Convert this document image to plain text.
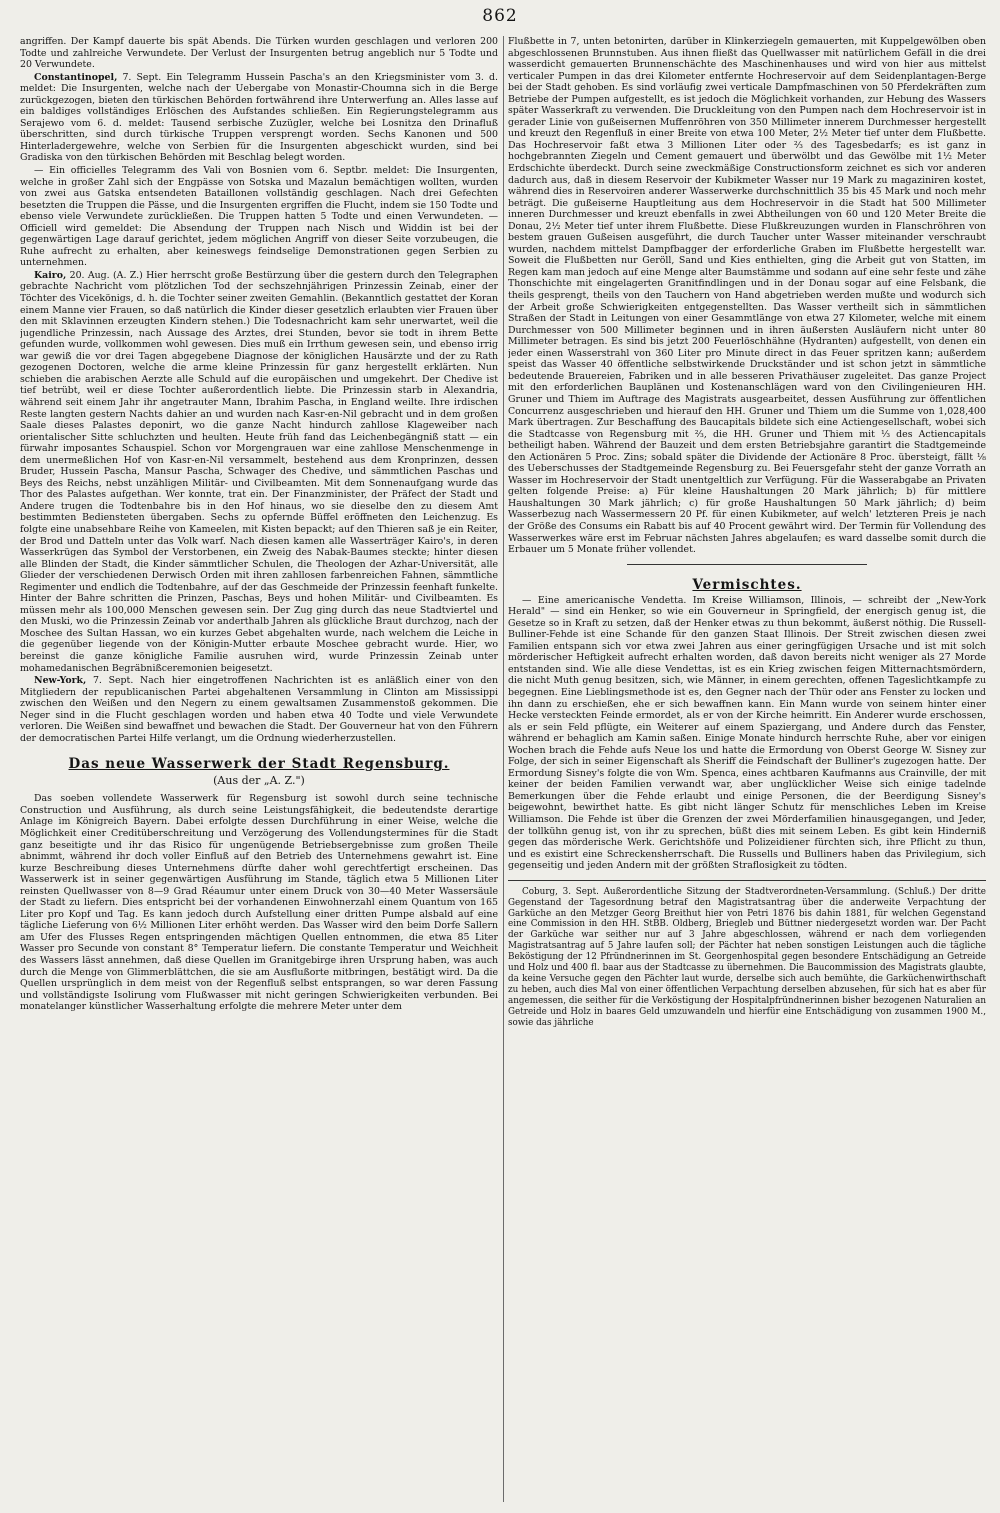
862

angriffen. Der Kampf dauerte bis spät Abends. Die Türken wurden geschlagen und verloren 200 Todte und zahlreiche Verwundete. Der Verlust der Insurgenten betrug angeblich nur 5 Todte und 20 Verwundete.

Constantinopel, 7. Sept. Ein Telegramm Hussein Pascha's an den Kriegsminister vom 3. d. meldet: Die Insurgenten, welche nach der Uebergabe von Monastir-Choumna sich in die Berge zurückgezogen, bieten den türkischen Behörden fortwährend ihre Unterwerfung an. Alles lasse auf ein baldiges vollständiges Erlöschen des Aufstandes schließen. Ein Regierungstelegramm aus Serajewo vom 6. d. meldet: Tausend serbische Zuzügler, welche bei Losnitza den Drinafluß überschritten, sind durch türkische Truppen versprengt worden. Sechs Kanonen und 500 Hinterladergewehre, welche von Serbien für die Insurgenten abgeschickt wurden, sind bei Gradiska von den türkischen Behörden mit Beschlag belegt worden.

— Ein officielles Telegramm des Vali von Bosnien vom 6. Septbr. meldet: Die Insurgenten, welche in großer Zahl sich der Engpässe von Sotska und Mazalun bemächtigen wollten, wurden von zwei aus Gatska entsendeten Bataillonen vollständig geschlagen. Nach drei Gefechten besetzten die Truppen die Pässe, und die Insurgenten ergriffen die Flucht, indem sie 150 Todte und ebenso viele Verwundete zurückließen. Die Truppen hatten 5 Todte und einen Verwundeten. — Officiell wird gemeldet: Die Absendung der Truppen nach Nisch und Widdin ist bei der gegenwärtigen Lage darauf gerichtet, jedem möglichen Angriff von dieser Seite vorzubeugen, die Ruhe aufrecht zu erhalten, aber keineswegs feindselige Demonstrationen gegen Serbien zu unternehmen.

Kairo, 20. Aug. (A. Z.) Hier herrscht große Bestürzung über die gestern durch den Telegraphen gebrachte Nachricht vom plötzlichen Tod der sechszehnjährigen Prinzessin Zeinab, einer der Töchter des Vicekönigs, d. h. die Tochter seiner zweiten Gemahlin. (Bekanntlich gestattet der Koran einem Manne vier Frauen, so daß natürlich die Kinder dieser gesetzlich erlaubten vier Frauen über den mit Sklavinnen erzeugten Kindern stehen.) Die Todesnachricht kam sehr unerwartet, weil die jugendliche Prinzessin, nach Aussage des Arztes, drei Stunden, bevor sie todt in ihrem Bette gefunden wurde, vollkommen wohl gewesen. Dies muß ein Irrthum gewesen sein, und ebenso irrig war gewiß die vor drei Tagen abgegebene Diagnose der königlichen Hausärzte und der zu Rath gezogenen Doctoren, welche die arme kleine Prinzessin für ganz hergestellt erklärten. Nun schieben die arabischen Aerzte alle Schuld auf die europäischen und umgekehrt. Der Chedive ist tief betrübt, weil er diese Tochter außerordentlich liebte. Die Prinzessin starb in Alexandria, während seit einem Jahr ihr angetrauter Mann, Ibrahim Pascha, in England weilte. Ihre irdischen Reste langten gestern Nachts dahier an und wurden nach Kasr-en-Nil gebracht und in dem großen Saale dieses Palastes deponirt, wo die ganze Nacht hindurch zahllose Klageweiber nach orientalischer Sitte schluchzten und heulten. Heute früh fand das Leichenbegängniß statt — ein fürwahr imposantes Schauspiel. Schon vor Morgengrauen war eine zahllose Menschenmenge in dem unermeßlichen Hof von Kasr-en-Nil versammelt, bestehend aus dem Kronprinzen, dessen Bruder, Hussein Pascha, Mansur Pascha, Schwager des Chedive, und sämmtlichen Paschas und Beys des Reichs, nebst unzähligen Militär- und Civilbeamten. Mit dem Sonnenaufgang wurde das Thor des Palastes aufgethan. Wer konnte, trat ein. Der Finanzminister, der Präfect der Stadt und Andere trugen die Todtenbahre bis in den Hof hinaus, wo sie dieselbe den zu diesem Amt bestimmten Bediensteten übergaben. Sechs zu opfernde Büffel eröffneten den Leichenzug. Es folgte eine unabsehbare Reihe von Kameelen, mit Kisten bepackt; auf den Thieren saß je ein Reiter, der Brod und Datteln unter das Volk warf. Nach diesen kamen alle Wasserträger Kairo's, in deren Wasserkrügen das Symbol der Verstorbenen, ein Zweig des Nabak-Baumes steckte; hinter diesen alle Blinden der Stadt, die Kinder sämmtlicher Schulen, die Theologen der Azhar-Universität, alle Glieder der verschiedenen Derwisch Orden mit ihren zahllosen farbenreichen Fahnen, sämmtliche Regimenter und endlich die Todtenbahre, auf der das Geschmeide der Prinzessin feenhaft funkelte. Hinter der Bahre schritten die Prinzen, Paschas, Beys und hohen Militär- und Civilbeamten. Es müssen mehr als 100,000 Menschen gewesen sein. Der Zug ging durch das neue Stadtviertel und den Muski, wo die Prinzessin Zeinab vor anderthalb Jahren als glückliche Braut durchzog, nach der Moschee des Sultan Hassan, wo ein kurzes Gebet abgehalten wurde, nach welchem die Leiche in die gegenüber liegende von der Königin-Mutter erbaute Moschee gebracht wurde. Hier, wo bereinst die ganze königliche Familie ausruhen wird, wurde Prinzessin Zeinab unter mohamedanischen Begräbnißceremonien beigesetzt.

New-York, 7. Sept. Nach hier eingetroffenen Nachrichten ist es anläßlich einer von den Mitgliedern der republicanischen Partei abgehaltenen Versammlung in Clinton am Mississippi zwischen den Weißen und den Negern zu einem gewaltsamen Zusammenstoß gekommen. Die Neger sind in die Flucht geschlagen worden und haben etwa 40 Todte und viele Verwundete verloren. Die Weißen sind bewaffnet und bewachen die Stadt. Der Gouverneur hat von den Führern der democratischen Partei Hilfe verlangt, um die Ordnung wiederherzustellen.

Das neue Wasserwerk der Stadt Regensburg.
(Aus der „A. Z.")

Das soeben vollendete Wasserwerk für Regensburg ist sowohl durch seine technische Construction und Ausführung, als durch seine Leistungsfähigkeit, die bedeutendste derartige Anlage im Königreich Bayern. Dabei erfolgte dessen Durchführung in einer Weise, welche die Möglichkeit einer Creditüberschreitung und Verzögerung des Vollendungstermines für die Stadt ganz beseitigte und ihr das Risico für ungenügende Betriebsergebnisse zum großen Theile abnimmt, während ihr doch voller Einfluß auf den Betrieb des Unternehmens gewahrt ist. Eine kurze Beschreibung dieses Unternehmens dürfte daher wohl gerechtfertigt erscheinen. Das Wasserwerk ist in seiner gegenwärtigen Ausführung im Stande, täglich etwa 5 Millionen Liter reinsten Quellwasser von 8—9 Grad Réaumur unter einem Druck von 30—40 Meter Wassersäule der Stadt zu liefern. Dies entspricht bei der vorhandenen Einwohnerzahl einem Quantum von 165 Liter pro Kopf und Tag. Es kann jedoch durch Aufstellung einer dritten Pumpe alsbald auf eine tägliche Lieferung von 6½ Millionen Liter erhöht werden. Das Wasser wird den beim Dorfe Sallern am Ufer des Flusses Regen entspringenden mächtigen Quellen entnommen, die etwa 85 Liter Wasser pro Secunde von constant 8° Temperatur liefern. Die constante Temperatur und Weichheit des Wassers lässt annehmen, daß diese Quellen im Granitgebirge ihren Ursprung haben, was auch durch die Menge von Glimmerblättchen, die sie am Ausflußorte mitbringen, bestätigt wird. Da die Quellen ursprünglich in dem meist von der Regenfluß selbst entsprangen, so war deren Fassung und vollständigste Isolirung vom Flußwasser mit nicht geringen Schwierigkeiten verbunden. Bei monatelanger künstlicher Wasserhaltung erfolgte die mehrere Meter unter dem

Flußbette in 7, unten betonirten, darüber in Klinkerziegeln gemauerten, mit Kuppelgewölben oben abgeschlossenen Brunnstuben. Aus ihnen fließt das Quellwasser mit natürlichem Gefäll in die drei wasserdicht gemauerten Brunnenschächte des Maschinenhauses und wird von hier aus mittelst verticaler Pumpen in das drei Kilometer entfernte Hochreservoir auf dem Seidenplantagen-Berge bei der Stadt gehoben. Es sind vorläufig zwei verticale Dampfmaschinen von 50 Pferdekräften zum Betriebe der Pumpen aufgestellt, es ist jedoch die Möglichkeit vorhanden, zur Hebung des Wassers später Wasserkraft zu verwenden. Die Druckleitung von den Pumpen nach dem Hochreservoir ist in gerader Linie von gußeisernen Muffenröhren von 350 Millimeter innerem Durchmesser hergestellt und kreuzt den Regenfluß in einer Breite von etwa 100 Meter, 2½ Meter tief unter dem Flußbette. Das Hochreservoir faßt etwa 3 Millionen Liter oder ⅔ des Tagesbedarfs; es ist ganz in hochgebrannten Ziegeln und Cement gemauert und überwölbt und das Gewölbe mit 1½ Meter Erdschichte überdeckt. Durch seine zweckmäßige Constructionsform zeichnet es sich vor anderen dadurch aus, daß in diesem Reservoir der Kubikmeter Wasser nur 19 Mark zu magaziniren kostet, während dies in Reservoiren anderer Wasserwerke durchschnittlich 35 bis 45 Mark und noch mehr beträgt. Die gußeiserne Hauptleitung aus dem Hochreservoir in die Stadt hat 500 Millimeter inneren Durchmesser und kreuzt ebenfalls in zwei Abtheilungen von 60 und 120 Meter Breite die Donau, 2½ Meter tief unter ihrem Flußbette. Diese Flußkreuzungen wurden in Flanschröhren von bestem grauen Gußeisen ausgeführt, die durch Taucher unter Wasser miteinander verschraubt wurden, nachdem mittelst Dampfbagger der erforderliche Graben im Flußbette hergestellt war. Soweit die Flußbetten nur Geröll, Sand und Kies enthielten, ging die Arbeit gut von Statten, im Regen kam man jedoch auf eine Menge alter Baumstämme und sodann auf eine sehr feste und zähe Thonschichte mit eingelagerten Granitfindlingen und in der Donau sogar auf eine Felsbank, die theils gesprengt, theils von den Tauchern von Hand abgetrieben werden mußte und wodurch sich der Arbeit große Schwierigkeiten entgegenstellten. Das Wasser vertheilt sich in sämmtlichen Straßen der Stadt in Leitungen von einer Gesammtlänge von etwa 27 Kilometer, welche mit einem Durchmesser von 500 Millimeter beginnen und in ihren äußersten Ausläufern nicht unter 80 Millimeter betragen. Es sind bis jetzt 200 Feuerlöschhähne (Hydranten) aufgestellt, von denen ein jeder einen Wasserstrahl von 360 Liter pro Minute direct in das Feuer spritzen kann; außerdem speist das Wasser 40 öffentliche selbstwirkende Druckständer und ist schon jetzt in sämmtliche bedeutende Brauereien, Fabriken und in alle besseren Privathäuser zugeleitet. Das ganze Project mit den erforderlichen Bauplänen und Kostenanschlägen ward von den Civilingenieuren HH. Gruner und Thiem im Auftrage des Magistrats ausgearbeitet, dessen Ausführung zur öffentlichen Concurrenz ausgeschrieben und hierauf den HH. Gruner und Thiem um die Summe von 1,028,400 Mark übertragen. Zur Beschaffung des Baucapitals bildete sich eine Actiengesellschaft, wobei sich die Stadtcasse von Regensburg mit ⅔, die HH. Gruner und Thiem mit ⅓ des Actiencapitals betheiligt haben. Während der Bauzeit und dem ersten Betriebsjahre garantirt die Stadtgemeinde den Actionären 5 Proc. Zins; sobald später die Dividende der Actionäre 8 Proc. übersteigt, fällt ⅛ des Ueberschusses der Stadtgemeinde Regensburg zu. Bei Feuersgefahr steht der ganze Vorrath an Wasser im Hochreservoir der Stadt unentgeltlich zur Verfügung. Für die Wasserabgabe an Privaten gelten folgende Preise: a) Für kleine Haushaltungen 20 Mark jährlich; b) für mittlere Haushaltungen 30 Mark jährlich; c) für große Haushaltungen 50 Mark jährlich; d) beim Wasserbezug nach Wassermessern 20 Pf. für einen Kubikmeter, auf welch' letzteren Preis je nach der Größe des Consums ein Rabatt bis auf 40 Procent gewährt wird. Der Termin für Vollendung des Wasserwerkes wäre erst im Februar nächsten Jahres abgelaufen; es ward dasselbe somit durch die Erbauer um 5 Monate früher vollendet.

Vermischtes.

— Eine americanische Vendetta. Im Kreise Williamson, Illinois, — schreibt der „New-York Herald" — sind ein Henker, so wie ein Gouverneur in Springfield, der energisch genug ist, die Gesetze so in Kraft zu setzen, daß der Henker etwas zu thun bekommt, äußerst nöthig. Die Russell-Bulliner-Fehde ist eine Schande für den ganzen Staat Illinois. Der Streit zwischen diesen zwei Familien entspann sich vor etwa zwei Jahren aus einer geringfügigen Ursache und ist mit solch mörderischer Heftigkeit aufrecht erhalten worden, daß davon bereits nicht weniger als 27 Morde entstanden sind. Wie alle diese Vendettas, ist es ein Krieg zwischen feigen Mitternachtsmördern, die nicht Muth genug besitzen, sich, wie Männer, in einem gerechten, offenen Tageslichtkampfe zu begegnen. Eine Lieblingsmethode ist es, den Gegner nach der Thür oder ans Fenster zu locken und ihn dann zu erschießen, ehe er sich bewaffnen kann. Ein Mann wurde von seinem hinter einer Hecke versteckten Feinde ermordet, als er von der Kirche heimritt. Ein Anderer wurde erschossen, als er sein Feld pflügte, ein Weiterer auf einem Spaziergang, und Andere durch das Fenster, während er behaglich am Kamin saßen. Einige Monate hindurch herrschte Ruhe, aber vor einigen Wochen brach die Fehde aufs Neue los und hatte die Ermordung von Oberst George W. Sisney zur Folge, der sich in seiner Eigenschaft als Sheriff die Feindschaft der Bulliner's zugezogen hatte. Der Ermordung Sisney's folgte die von Wm. Spenca, eines achtbaren Kaufmanns aus Crainville, der mit keiner der beiden Familien verwandt war, aber unglücklicher Weise sich einige tadelnde Bemerkungen über die Fehde erlaubt und einige Personen, die der Beerdigung Sisney's beigewohnt, bewirthet hatte. Es gibt nicht länger Schutz für menschliches Leben im Kreise Williamson. Die Fehde ist über die Grenzen der zwei Mörderfamilien hinausgegangen, und Jeder, der tollkühn genug ist, von ihr zu sprechen, büßt dies mit seinem Leben. Es gibt kein Hinderniß gegen das mörderische Werk. Gerichtshöfe und Polizeidiener fürchten sich, ihre Pflicht zu thun, und es existirt eine Schreckensherrschaft. Die Russells und Bulliners haben das Privilegium, sich gegenseitig und jeden Andern mit der größten Straflosigkeit zu tödten.

Coburg, 3. Sept. Außerordentliche Sitzung der Stadtverordneten-Versammlung. (Schluß.) Der dritte Gegenstand der Tagesordnung betraf den Magistratsantrag über die anderweite Verpachtung der Garküche an den Metzger Georg Breithut hier von Petri 1876 bis dahin 1881, für welchen Gegenstand eine Commission in den HH. StBB. Oldberg, Briegleb und Büttner niedergesetzt worden war. Der Pacht der Garküche war seither nur auf 3 Jahre abgeschlossen, während er nach dem vorliegenden Magistratsantrag auf 5 Jahre laufen soll; der Pächter hat neben sonstigen Leistungen auch die tägliche Beköstigung der 12 Pfründnerinnen im St. Georgenhospital gegen besondere Entschädigung an Getreide und Holz und 400 fl. baar aus der Stadtcasse zu übernehmen. Die Baucommission des Magistrats glaubte, da keine Versuche gegen den Pächter laut wurde, derselbe sich auch bemühte, die Garküchenwirthschaft zu heben, auch dies Mal von einer öffentlichen Verpachtung derselben abzusehen, für sich hat es aber für angemessen, die seither für die Verköstigung der Hospitalpfründnerinnen bisher bezogenen Naturalien an Getreide und Holz in baares Geld umzuwandeln und hierfür eine Entschädigung von zusammen 1900 M., sowie das jährliche
